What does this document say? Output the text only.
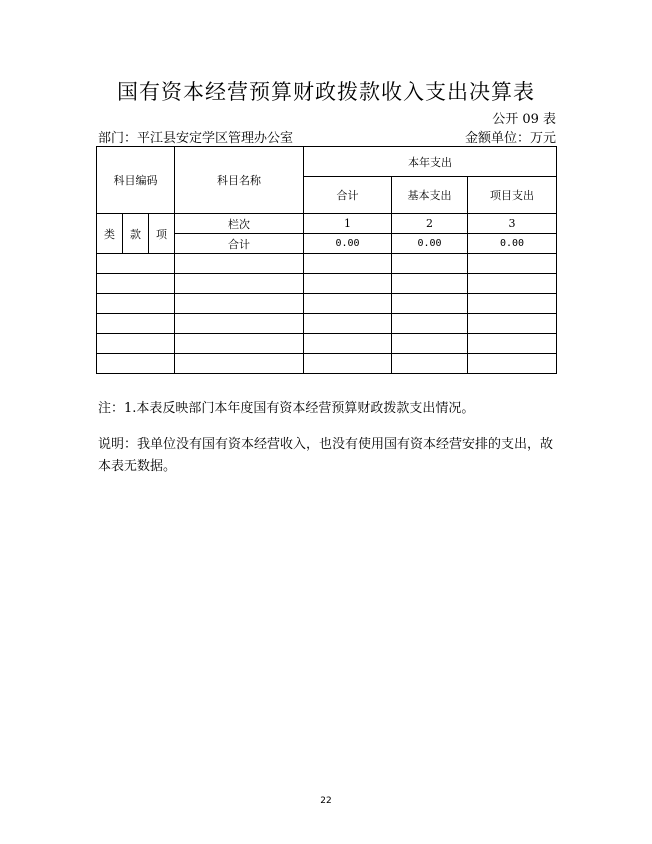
国有资本经营预算财政拨款收入支出决算表
公开 09 表
部门：平江县安定学区管理办公室	金额单位：万元
科目编码			科目名称	本年支出		
				合计	基本支出	项目支出
类	款	项	栏次	1	2	3
			合计	0.00	0.00	0.00

注：1.本表反映部门本年度国有资本经营预算财政拨款支出情况。
说明：我单位没有国有资本经营收入，也没有使用国有资本经营安排的支出，故本表无数据。
22
